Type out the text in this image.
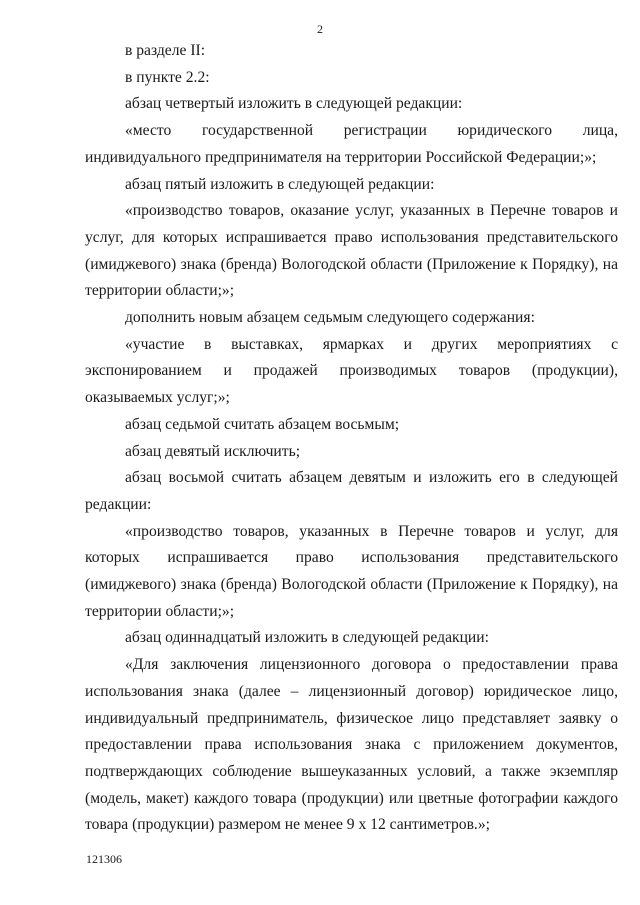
2

в разделе II:

в пункте 2.2:

абзац четвертый изложить в следующей редакции:

«место государственной регистрации юридического лица, индивидуального предпринимателя на территории Российской Федерации;»;

абзац пятый изложить в следующей редакции:

«производство товаров, оказание услуг, указанных в Перечне товаров и услуг, для которых испрашивается право использования представительского (имиджевого) знака (бренда) Вологодской области (Приложение к Порядку), на территории области;»;

дополнить новым абзацем седьмым следующего содержания:

«участие в выставках, ярмарках и других мероприятиях с экспонированием и продажей производимых товаров (продукции), оказываемых услуг;»;

абзац седьмой считать абзацем восьмым;

абзац девятый исключить;

абзац восьмой считать абзацем девятым и изложить его в следующей редакции:

«производство товаров, указанных в Перечне товаров и услуг, для которых испрашивается право использования представительского (имиджевого) знака (бренда) Вологодской области (Приложение к Порядку), на территории области;»;

абзац одиннадцатый изложить в следующей редакции:

«Для заключения лицензионного договора о предоставлении права использования знака (далее – лицензионный договор) юридическое лицо, индивидуальный предприниматель, физическое лицо представляет заявку о предоставлении права использования знака с приложением документов, подтверждающих соблюдение вышеуказанных условий, а также экземпляр (модель, макет) каждого товара (продукции) или цветные фотографии каждого товара (продукции) размером не менее 9 х 12 сантиметров.»;

121306
